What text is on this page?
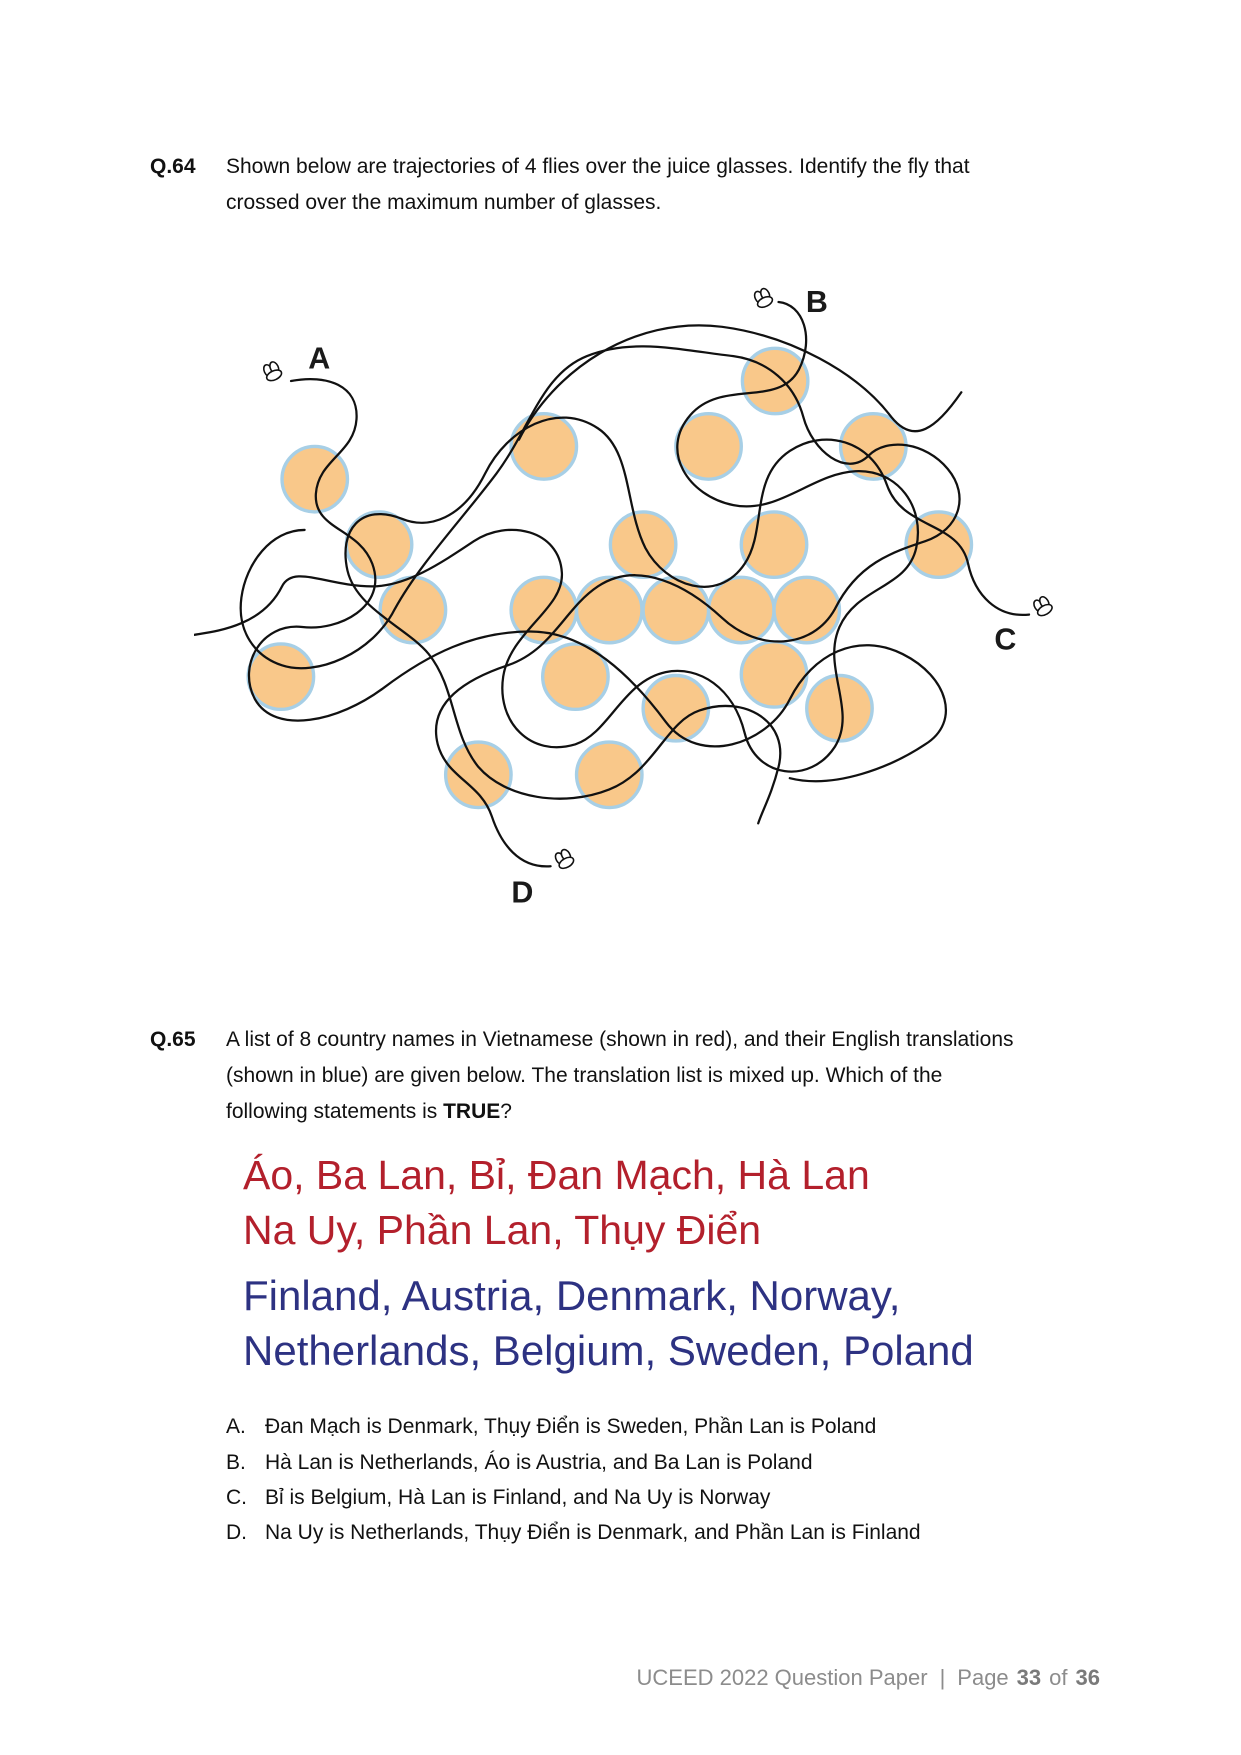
Q.64 Shown below are trajectories of 4 flies over the juice glasses. Identify the fly that
crossed over the maximum number of glasses.
A
B
C
D
Q.65 A list of 8 country names in Vietnamese (shown in red), and their English translations
(shown in blue) are given below. The translation list is mixed up. Which of the
following statements is TRUE?
Áo, Ba Lan, Bỉ, Đan Mạch, Hà Lan
Na Uy, Phần Lan, Thụy Điển
Finland, Austria, Denmark, Norway,
Netherlands, Belgium, Sweden, Poland
A. Đan Mạch is Denmark, Thụy Điển is Sweden, Phần Lan is Poland
B. Hà Lan is Netherlands, Áo is Austria, and Ba Lan is Poland
C. Bỉ is Belgium, Hà Lan is Finland, and Na Uy is Norway
D. Na Uy is Netherlands, Thụy Điển is Denmark, and Phần Lan is Finland
UCEED 2022 Question Paper | Page 33 of 36
